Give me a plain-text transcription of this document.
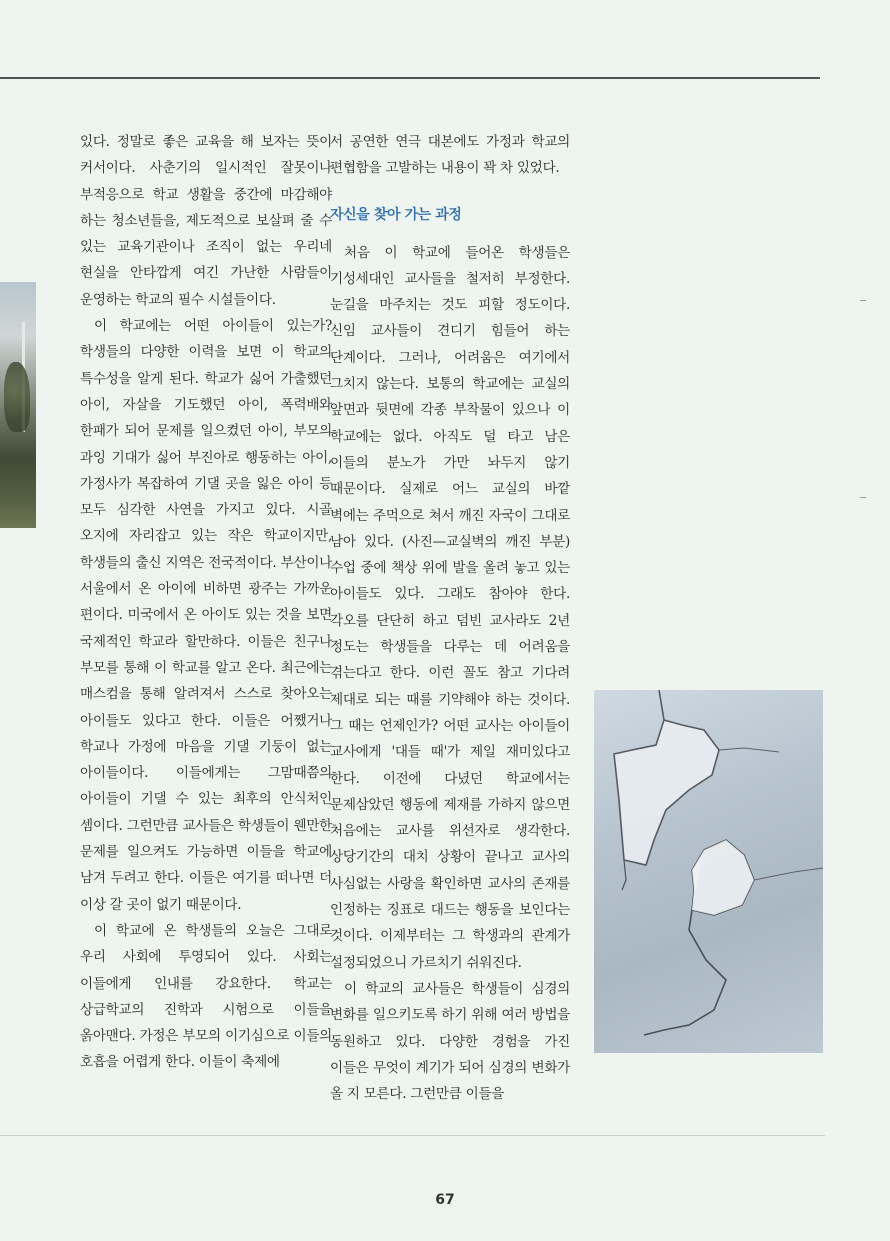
있다. 정말로 좋은 교육을 해 보자는 뜻이 커서이다. 사춘기의 일시적인 잘못이나 부적응으로 학교 생활을 중간에 마감해야 하는 청소년들을, 제도적으로 보살펴 줄 수 있는 교육기관이나 조직이 없는 우리네 현실을 안타깝게 여긴 가난한 사람들이 운영하는 학교의 필수 시설들이다.

이 학교에는 어떤 아이들이 있는가? 학생들의 다양한 이력을 보면 이 학교의 특수성을 알게 된다. 학교가 싫어 가출했던 아이, 자살을 기도했던 아이, 폭력배와 한패가 되어 문제를 일으켰던 아이, 부모의 과잉 기대가 싫어 부진아로 행동하는 아이, 가정사가 복잡하여 기댈 곳을 잃은 아이 등 모두 심각한 사연을 가지고 있다. 시골 오지에 자리잡고 있는 작은 학교이지만, 학생들의 출신 지역은 전국적이다. 부산이나 서울에서 온 아이에 비하면 광주는 가까운 편이다. 미국에서 온 아이도 있는 것을 보면 국제적인 학교라 할만하다. 이들은 친구나 부모를 통해 이 학교를 알고 온다. 최근에는 매스컴을 통해 알려져서 스스로 찾아오는 아이들도 있다고 한다. 이들은 어쨌거나 학교나 가정에 마음을 기댈 기둥이 없는 아이들이다. 이들에게는 그맘때쯤의 아이들이 기댈 수 있는 최후의 안식처인 셈이다. 그런만큼 교사들은 학생들이 웬만한 문제를 일으켜도 가능하면 이들을 학교에 남겨 두려고 한다. 이들은 여기를 떠나면 더 이상 갈 곳이 없기 때문이다.

이 학교에 온 학생들의 오늘은 그대로 우리 사회에 투영되어 있다. 사회는 이들에게 인내를 강요한다. 학교는 상급학교의 진학과 시험으로 이들을 옭아맨다. 가정은 부모의 이기심으로 이들의 호흡을 어렵게 한다. 이들이 축제에

서 공연한 연극 대본에도 가정과 학교의 편협함을 고발하는 내용이 꽉 차 있었다.

자신을 찾아 가는 과정

처음 이 학교에 들어온 학생들은 기성세대인 교사들을 철저히 부정한다. 눈길을 마주치는 것도 피할 정도이다. 신임 교사들이 견디기 힘들어 하는 단계이다. 그러나, 어려움은 여기에서 그치지 않는다. 보통의 학교에는 교실의 앞면과 뒷면에 각종 부착물이 있으나 이 학교에는 없다. 아직도 덜 타고 남은 이들의 분노가 가만 놔두지 않기 때문이다. 실제로 어느 교실의 바깥 벽에는 주먹으로 쳐서 깨진 자국이 그대로 남아 있다. (사진—교실벽의 깨진 부분) 수업 중에 책상 위에 발을 올려 놓고 있는 아이들도 있다. 그래도 참아야 한다. 각오를 단단히 하고 덤빈 교사라도 2년 정도는 학생들을 다루는 데 어려움을 겪는다고 한다. 이런 꼴도 참고 기다려 제대로 되는 때를 기약해야 하는 것이다. 그 때는 언제인가? 어떤 교사는 아이들이 교사에게 '대들 때'가 제일 재미있다고 한다. 이전에 다녔던 학교에서는 문제삼았던 행동에 제재를 가하지 않으면 처음에는 교사를 위선자로 생각한다. 상당기간의 대치 상황이 끝나고 교사의 사심없는 사랑을 확인하면 교사의 존재를 인정하는 징표로 대드는 행동을 보인다는 것이다. 이제부터는 그 학생과의 관계가 설정되었으니 가르치기 쉬워진다.

이 학교의 교사들은 학생들이 심경의 변화를 일으키도록 하기 위해 여러 방법을 동원하고 있다. 다양한 경험을 가진 이들은 무엇이 계기가 되어 심경의 변화가 올 지 모른다. 그런만큼 이들을

67
